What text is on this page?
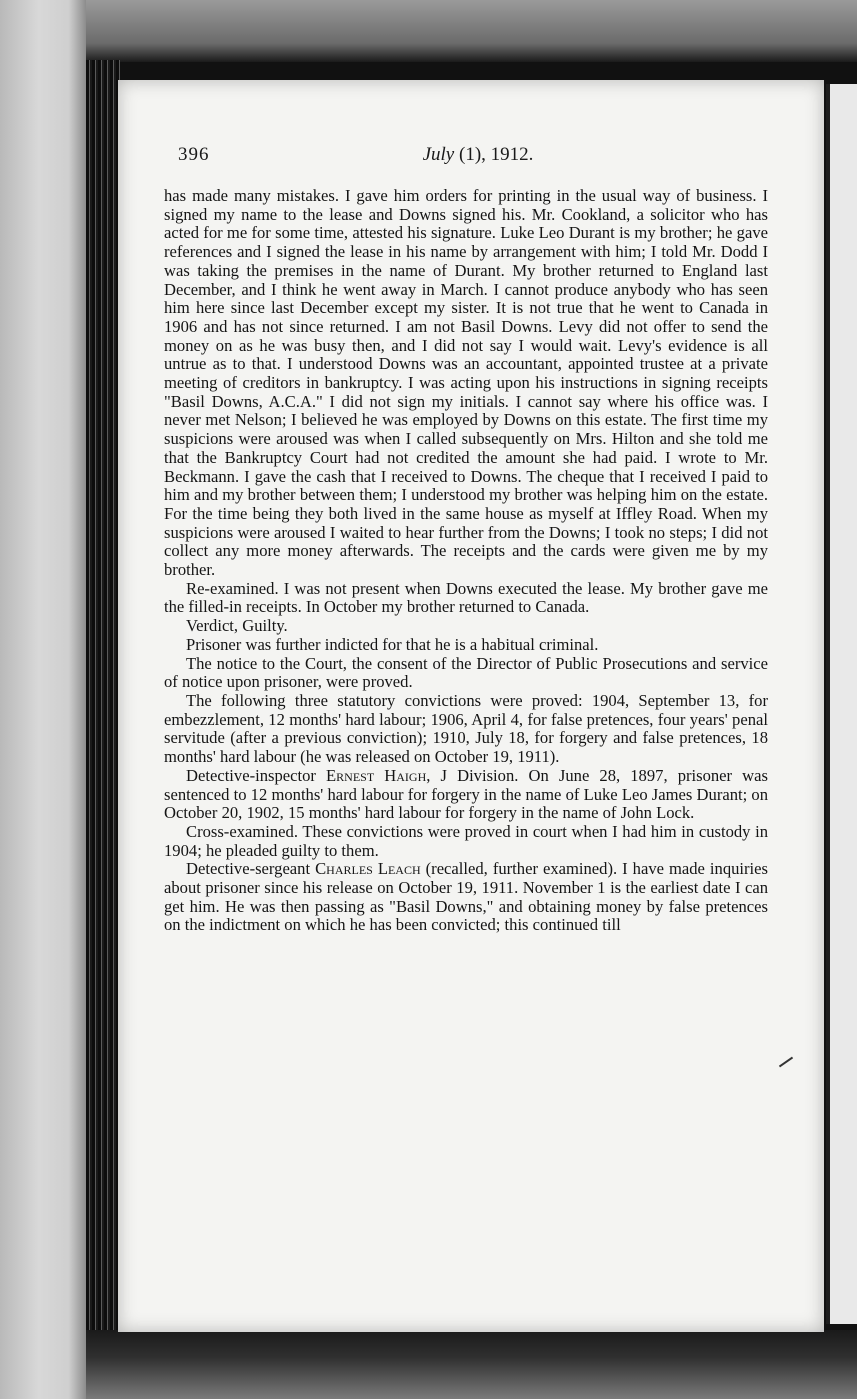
396	July (1), 1912.

has made many mistakes. I gave him orders for printing in the usual way of business. I signed my name to the lease and Downs signed his. Mr. Cookland, a solicitor who has acted for me for some time, attested his signature. Luke Leo Durant is my brother; he gave references and I signed the lease in his name by arrangement with him; I told Mr. Dodd I was taking the premises in the name of Durant. My brother returned to England last December, and I think he went away in March. I cannot produce anybody who has seen him here since last December except my sister. It is not true that he went to Canada in 1906 and has not since returned. I am not Basil Downs. Levy did not offer to send the money on as he was busy then, and I did not say I would wait. Levy's evidence is all untrue as to that. I understood Downs was an accountant, appointed trustee at a private meeting of creditors in bankruptcy. I was acting upon his instructions in signing receipts "Basil Downs, A.C.A." I did not sign my initials. I cannot say where his office was. I never met Nelson; I believed he was employed by Downs on this estate. The first time my suspicions were aroused was when I called subsequently on Mrs. Hilton and she told me that the Bankruptcy Court had not credited the amount she had paid. I wrote to Mr. Beckmann. I gave the cash that I received to Downs. The cheque that I received I paid to him and my brother between them; I understood my brother was helping him on the estate. For the time being they both lived in the same house as myself at Iffley Road. When my suspicions were aroused I waited to hear further from the Downs; I took no steps; I did not collect any more money afterwards. The receipts and the cards were given me by my brother.

Re-examined. I was not present when Downs executed the lease. My brother gave me the filled-in receipts. In October my brother returned to Canada.

Verdict, Guilty.

Prisoner was further indicted for that he is a habitual criminal.

The notice to the Court, the consent of the Director of Public Prosecutions and service of notice upon prisoner, were proved.

The following three statutory convictions were proved: 1904, September 13, for embezzlement, 12 months' hard labour; 1906, April 4, for false pretences, four years' penal servitude (after a previous conviction); 1910, July 18, for forgery and false pretences, 18 months' hard labour (he was released on October 19, 1911).

Detective-inspector Ernest Haigh, J Division. On June 28, 1897, prisoner was sentenced to 12 months' hard labour for forgery in the name of Luke Leo James Durant; on October 20, 1902, 15 months' hard labour for forgery in the name of John Lock.

Cross-examined. These convictions were proved in court when I had him in custody in 1904; he pleaded guilty to them.

Detective-sergeant Charles Leach (recalled, further examined). I have made inquiries about prisoner since his release on October 19, 1911. November 1 is the earliest date I can get him. He was then passing as "Basil Downs," and obtaining money by false pretences on the indictment on which he has been convicted; this continued till
